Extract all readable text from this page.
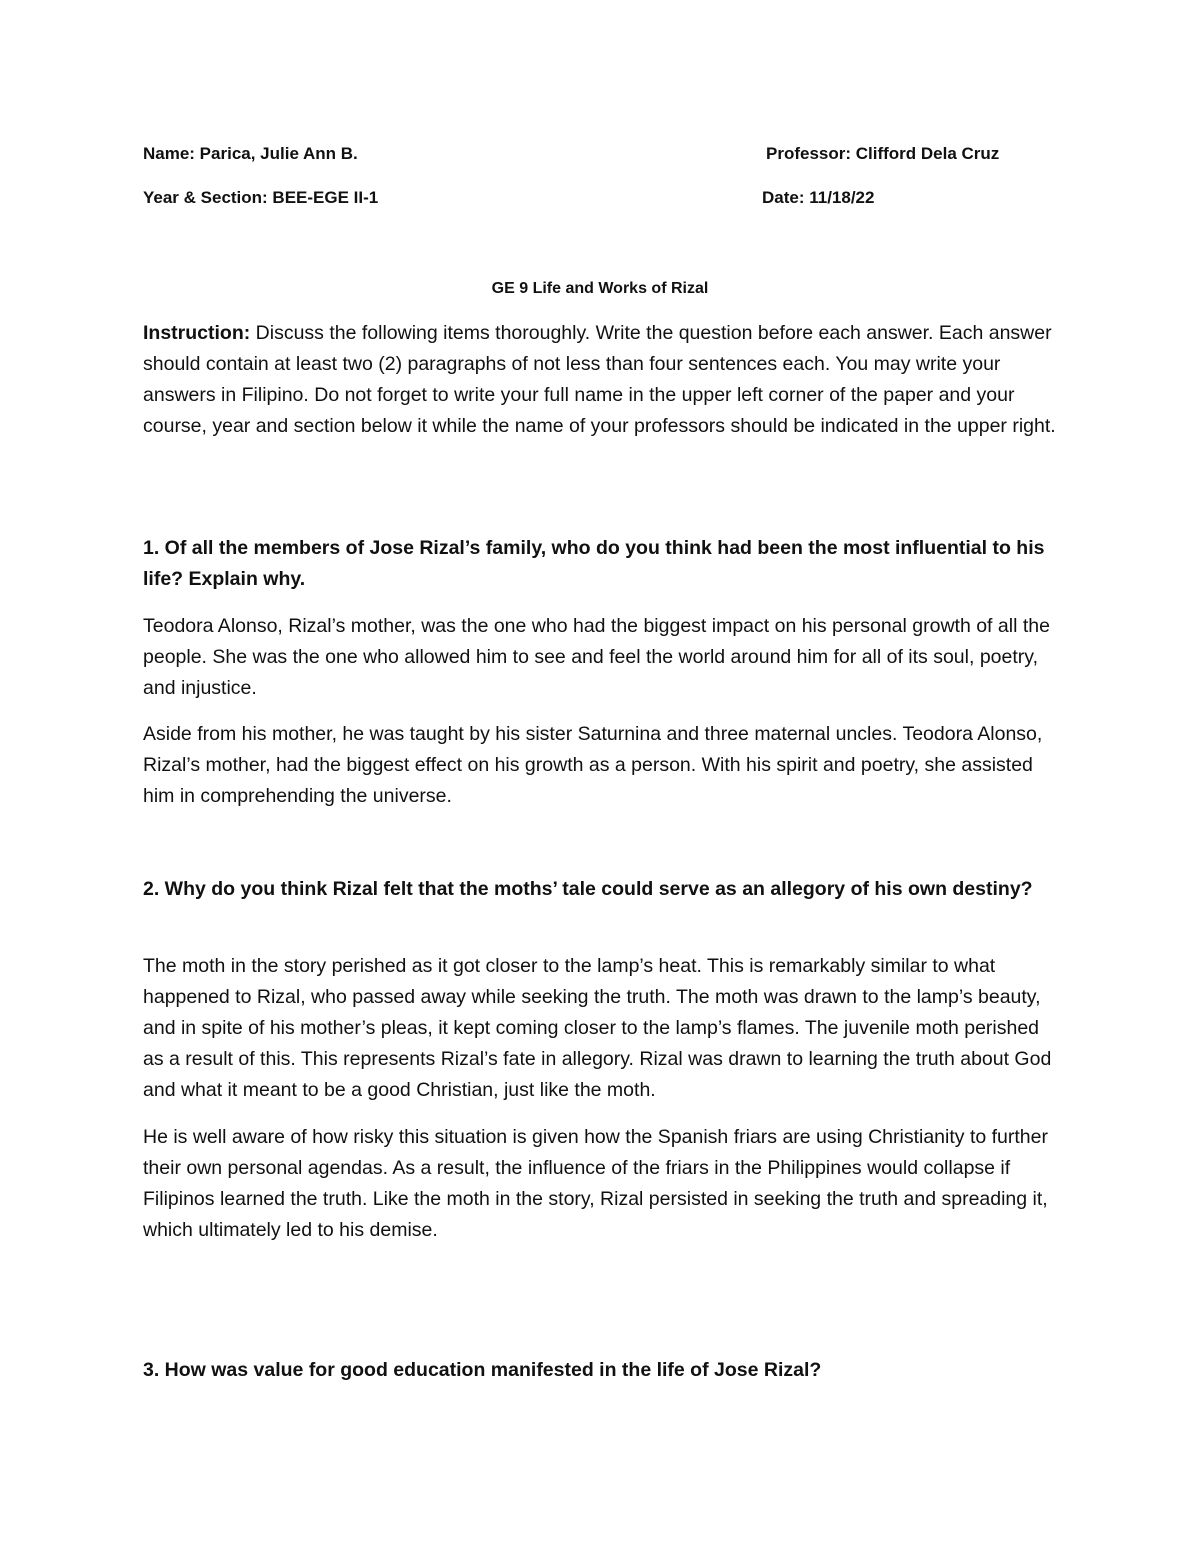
Name: Parica, Julie Ann B.	Professor: Clifford Dela Cruz
Year & Section: BEE-EGE II-1	Date: 11/18/22
GE 9 Life and Works of Rizal
Instruction: Discuss the following items thoroughly. Write the question before each answer. Each answer should contain at least two (2) paragraphs of not less than four sentences each. You may write your answers in Filipino. Do not forget to write your full name in the upper left corner of the paper and your course, year and section below it while the name of your professors should be indicated in the upper right.
1. Of all the members of Jose Rizal’s family, who do you think had been the most influential to his life? Explain why.
Teodora Alonso, Rizal’s mother, was the one who had the biggest impact on his personal growth of all the people. She was the one who allowed him to see and feel the world around him for all of its soul, poetry, and injustice.
Aside from his mother, he was taught by his sister Saturnina and three maternal uncles. Teodora Alonso, Rizal’s mother, had the biggest effect on his growth as a person. With his spirit and poetry, she assisted him in comprehending the universe.
2. Why do you think Rizal felt that the moths’ tale could serve as an allegory of his own destiny?
The moth in the story perished as it got closer to the lamp’s heat. This is remarkably similar to what happened to Rizal, who passed away while seeking the truth. The moth was drawn to the lamp’s beauty, and in spite of his mother’s pleas, it kept coming closer to the lamp’s flames. The juvenile moth perished as a result of this. This represents Rizal’s fate in allegory. Rizal was drawn to learning the truth about God and what it meant to be a good Christian, just like the moth.
He is well aware of how risky this situation is given how the Spanish friars are using Christianity to further their own personal agendas. As a result, the influence of the friars in the Philippines would collapse if Filipinos learned the truth. Like the moth in the story, Rizal persisted in seeking the truth and spreading it, which ultimately led to his demise.
3. How was value for good education manifested in the life of Jose Rizal?
